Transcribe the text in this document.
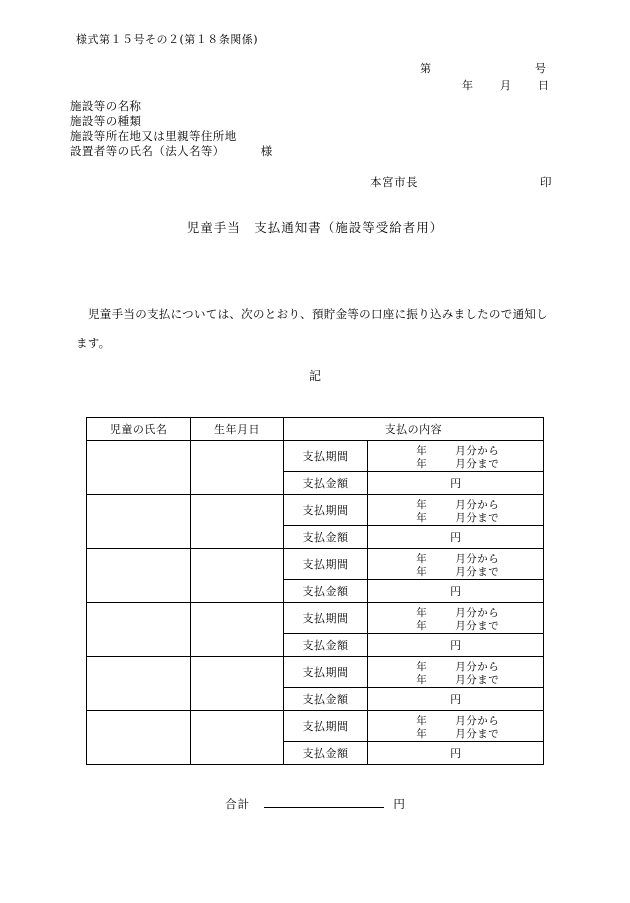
様式第１５号その２(第１８条関係)
第	号
年 月 日
施設等の名称
施設等の種類
施設等所在地又は里親等住所地
設置者等の氏名（法人名等）	様
本宮市長	印
児童手当　支払通知書（施設等受給者用）
児童手当の支払については、次のとおり、預貯金等の口座に振り込みましたので通知します。
記
児童の氏名	生年月日	支払の内容	
		支払期間	年 月分から
年 月分まで

		支払金額	円

		支払期間	年 月分から
年 月分まで

		支払金額	円

		支払期間	年 月分から
年 月分まで

		支払金額	円

		支払期間	年 月分から
年 月分まで

		支払金額	円

		支払期間	年 月分から
年 月分まで

		支払金額	円

		支払期間	年 月分から
年 月分まで

		支払金額	円
合計	円
